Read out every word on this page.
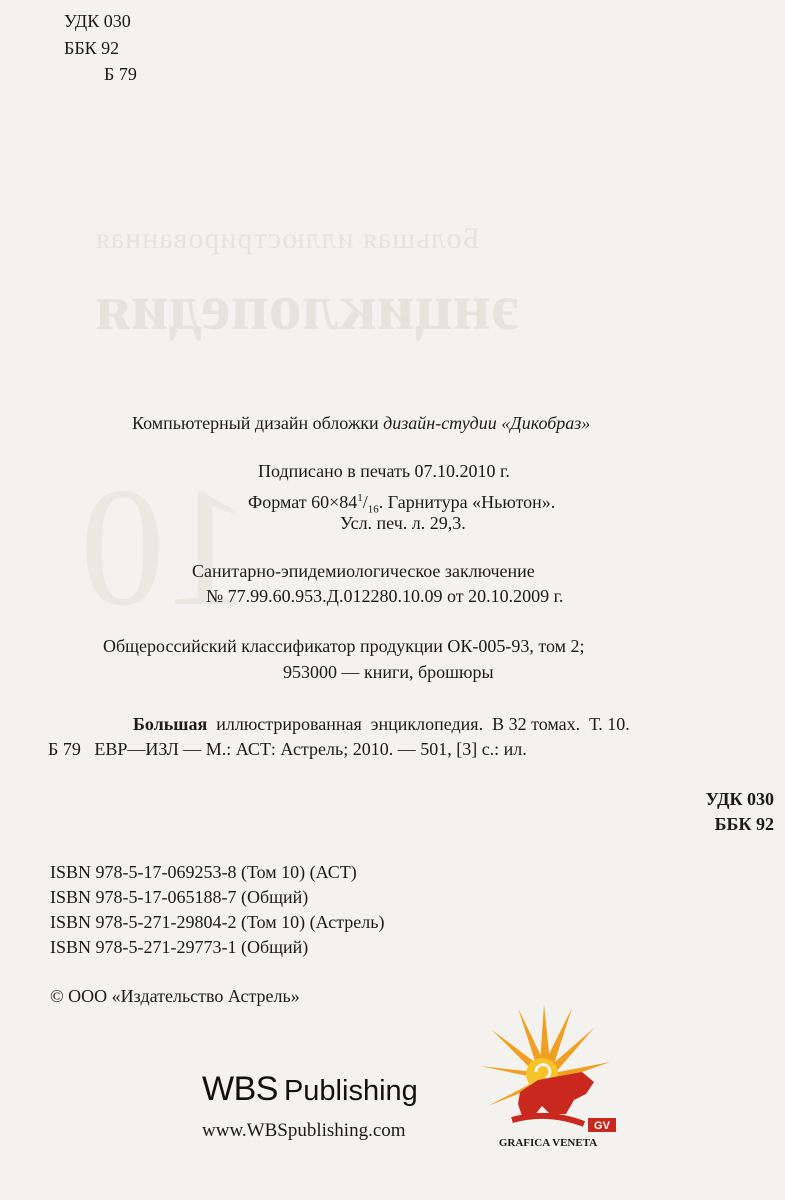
Большая иллюстрированная
энциклопедия
10
УДК 030
ББК 92
Б 79
Компьютерный дизайн обложки дизайн-студии «Дикобраз»
Подписано в печать 07.10.2010 г.
Формат $60\times 84^1/_{16}$. Гарнитура «Ньютон».
Усл. печ. л. 29,3.
Санитарно-эпидемиологическое заключение
№ 77.99.60.953.Д.012280.10.09 от 20.10.2009 г.
Общероссийский классификатор продукции ОК-005-93, том 2;
953000 — книги, брошюры
Большая  иллюстрированная  энциклопедия.  В 32 томах.  Т. 10.
Б 79   ЕВР—ИЗЛ — М.: АСТ: Астрель; 2010. — 501, [3] с.: ил.
УДК 030
ББК 92
ISBN 978-5-17-069253-8 (Том 10) (АСТ)
ISBN 978-5-17-065188-7 (Общий)
ISBN 978-5-271-29804-2 (Том 10) (Астрель)
ISBN 978-5-271-29773-1 (Общий)
© ООО «Издательство Астрель»
WBS Publishing
www.WBSpublishing.com	GV
GRAFICA VENETA
